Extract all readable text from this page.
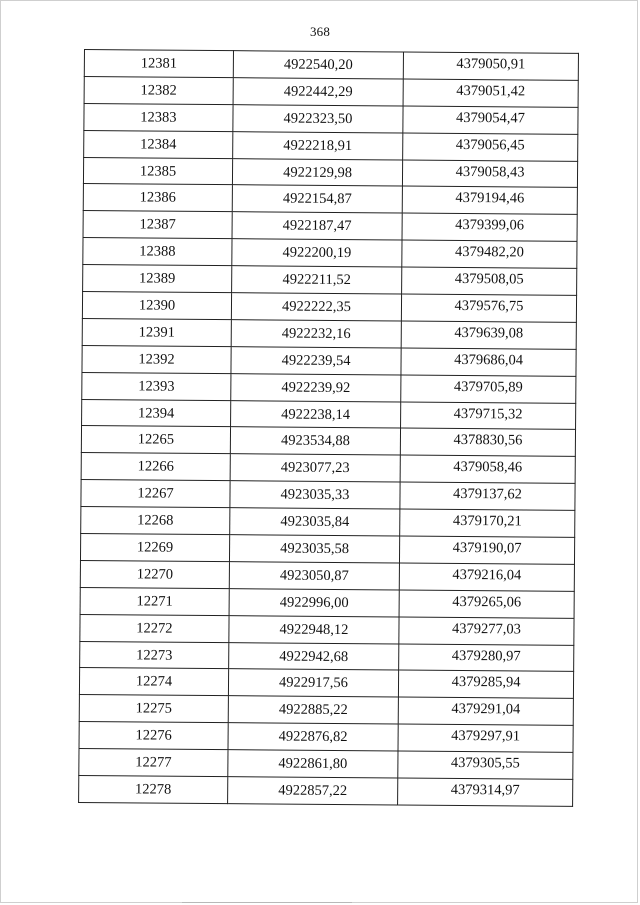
368
12381	4922540,20	4379050,91
12382	4922442,29	4379051,42
12383	4922323,50	4379054,47
12384	4922218,91	4379056,45
12385	4922129,98	4379058,43
12386	4922154,87	4379194,46
12387	4922187,47	4379399,06
12388	4922200,19	4379482,20
12389	4922211,52	4379508,05
12390	4922222,35	4379576,75
12391	4922232,16	4379639,08
12392	4922239,54	4379686,04
12393	4922239,92	4379705,89
12394	4922238,14	4379715,32
12265	4923534,88	4378830,56
12266	4923077,23	4379058,46
12267	4923035,33	4379137,62
12268	4923035,84	4379170,21
12269	4923035,58	4379190,07
12270	4923050,87	4379216,04
12271	4922996,00	4379265,06
12272	4922948,12	4379277,03
12273	4922942,68	4379280,97
12274	4922917,56	4379285,94
12275	4922885,22	4379291,04
12276	4922876,82	4379297,91
12277	4922861,80	4379305,55
12278	4922857,22	4379314,97
